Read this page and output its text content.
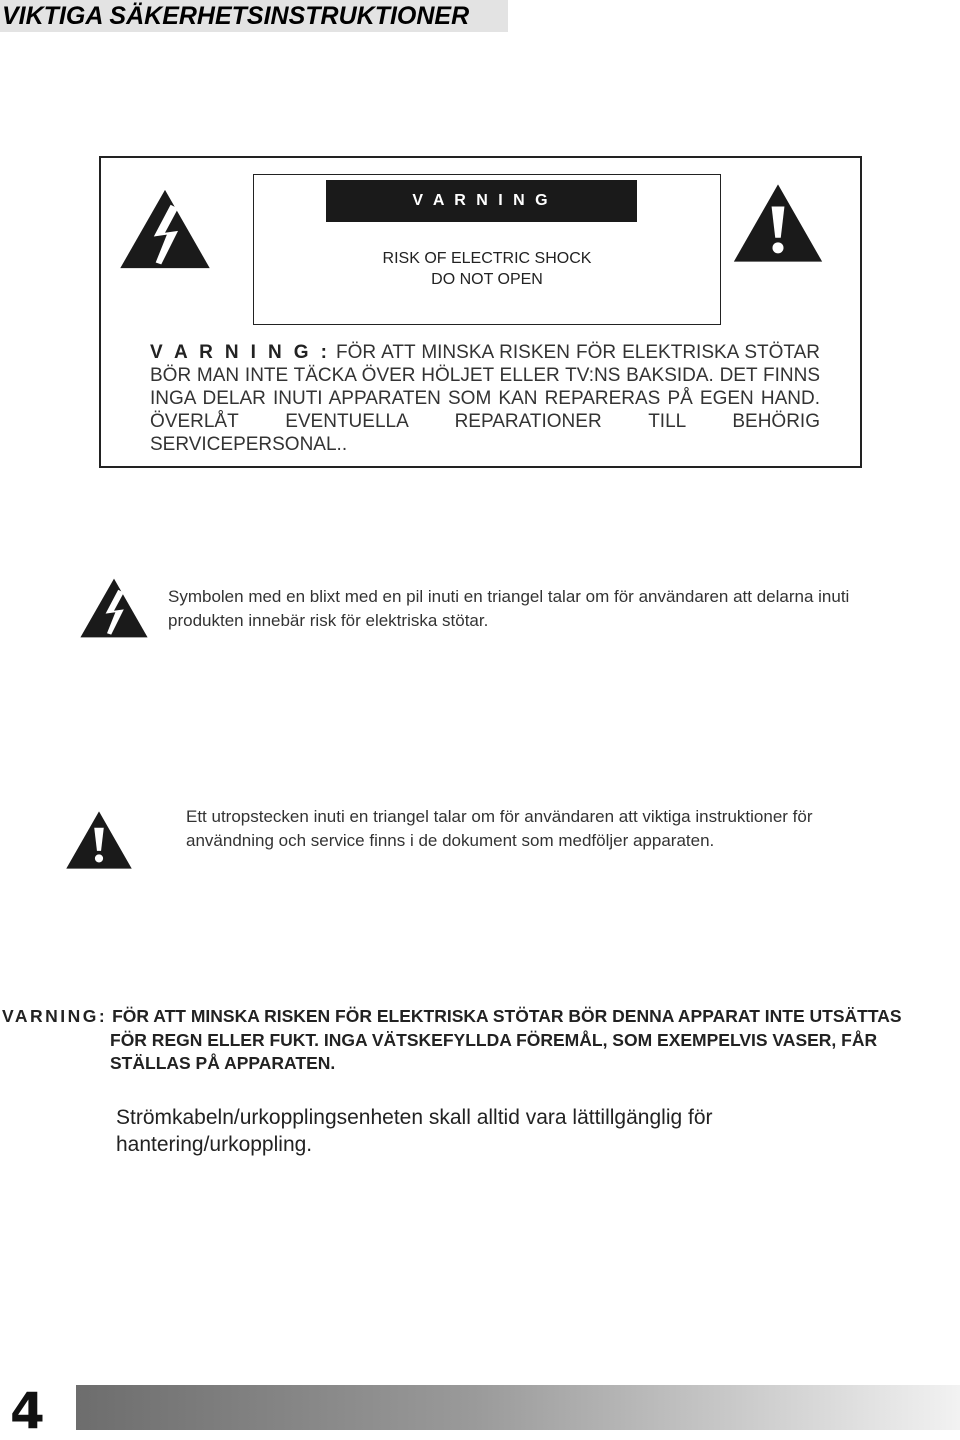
VIKTIGA SÄKERHETSINSTRUKTIONER
V A R N I N G
RISK OF ELECTRIC SHOCK
DO NOT OPEN
V A R N I N G : FÖR ATT MINSKA RISKEN FÖR ELEKTRISKA STÖTAR BÖR MAN INTE TÄCKA ÖVER HÖLJET ELLER TV:NS BAKSIDA. DET FINNS INGA DELAR INUTI APPARATEN SOM KAN REPARERAS PÅ EGEN HAND. ÖVERLÅT EVENTUELLA REPARATIONER TILL BEHÖRIG SERVICEPERSONAL..
Symbolen med en blixt med en pil inuti en triangel talar om för användaren att delarna inuti produkten innebär risk för elektriska stötar.
Ett utropstecken inuti en triangel talar om för användaren att viktiga instruktioner för användning och service finns i de dokument som medföljer apparaten.
VARNING: FÖR ATT MINSKA RISKEN FÖR ELEKTRISKA STÖTAR BÖR DENNA APPARAT INTE UTSÄTTAS FÖR REGN ELLER FUKT. INGA VÄTSKEFYLLDA FÖREMÅL, SOM EXEMPELVIS VASER, FÅR STÄLLAS PÅ APPARATEN.
Strömkabeln/urkopplingsenheten skall alltid vara lättillgänglig för hantering/urkoppling.
4
